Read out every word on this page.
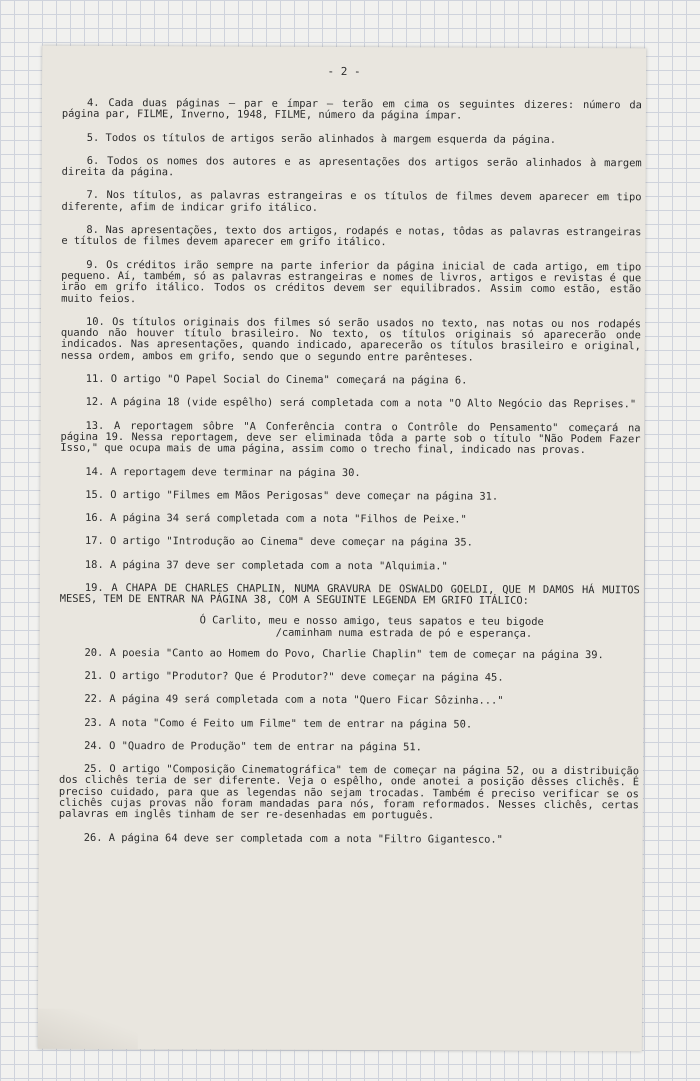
- 2 -

4. Cada duas páginas — par e ímpar — terão em cima os seguintes dizeres: número da página par, FILME, Inverno, 1948, FILME, número da página ímpar.

5. Todos os títulos de artigos serão alinhados à margem esquerda da página.

6. Todos os nomes dos autores e as apresentações dos artigos serão alinhados à margem direita da página.

7. Nos títulos, as palavras estrangeiras e os títulos de filmes devem aparecer em tipo diferente, afim de indicar grifo itálico.

8. Nas apresentações, texto dos artigos, rodapés e notas, tôdas as palavras estrangeiras e títulos de filmes devem aparecer em grifo itálico.

9. Os créditos irão sempre na parte inferior da página inicial de cada artigo, em tipo pequeno. Aí, também, só as palavras estrangeiras e nomes de livros, artigos e revistas é que irão em grifo itálico. Todos os créditos devem ser equilibrados. Assim como estão, estão muito feios.

10. Os títulos originais dos filmes só serão usados no texto, nas notas ou nos rodapés quando não houver título brasileiro. No texto, os títulos originais só aparecerão onde indicados. Nas apresentações, quando indicado, aparecerão os títulos brasileiro e original, nessa ordem, ambos em grifo, sendo que o segundo entre parênteses.

11. O artigo "O Papel Social do Cinema" começará na página 6.

12. A página 18 (vide espêlho) será completada com a nota "O Alto Negócio das Reprises."

13. A reportagem sôbre "A Conferência contra o Contrôle do Pensamento" começará na página 19. Nessa reportagem, deve ser eliminada tôda a parte sob o título "Não Podem Fazer Isso," que ocupa mais de uma página, assim como o trecho final, indicado nas provas.

14. A reportagem deve terminar na página 30.

15. O artigo "Filmes em Mãos Perigosas" deve começar na página 31.

16. A página 34 será completada com a nota "Filhos de Peixe."

17. O artigo "Introdução ao Cinema" deve começar na página 35.

18. A página 37 deve ser completada com a nota "Alquimia."

19. A CHAPA DE CHARLES CHAPLIN, NUMA GRAVURA DE OSWALDO GOELDI, QUE M DAMOS HÁ MUITOS MESES, TEM DE ENTRAR NA PÁGINA 38, COM A SEGUINTE LEGENDA EM GRIFO ITÁLICO:

Ó Carlito, meu e nosso amigo, teus sapatos e teu bigode
/caminham numa estrada de pó e esperança.

20. A poesia "Canto ao Homem do Povo, Charlie Chaplin" tem de começar na página 39.

21. O artigo "Produtor? Que é Produtor?" deve começar na página 45.

22. A página 49 será completada com a nota "Quero Ficar Sôzinha..."

23. A nota "Como é Feito um Filme" tem de entrar na página 50.

24. O "Quadro de Produção" tem de entrar na página 51.

25. O artigo "Composição Cinematográfica" tem de começar na página 52, ou a distribuição dos clichês teria de ser diferente. Veja o espêlho, onde anotei a posição dêsses clichês. É preciso cuidado, para que as legendas não sejam trocadas. Também é preciso verificar se os clichês cujas provas não foram mandadas para nós, foram reformados. Nesses clichês, certas palavras em inglês tinham de ser re-desenhadas em português.

26. A página 64 deve ser completada com a nota "Filtro Gigantesco."
